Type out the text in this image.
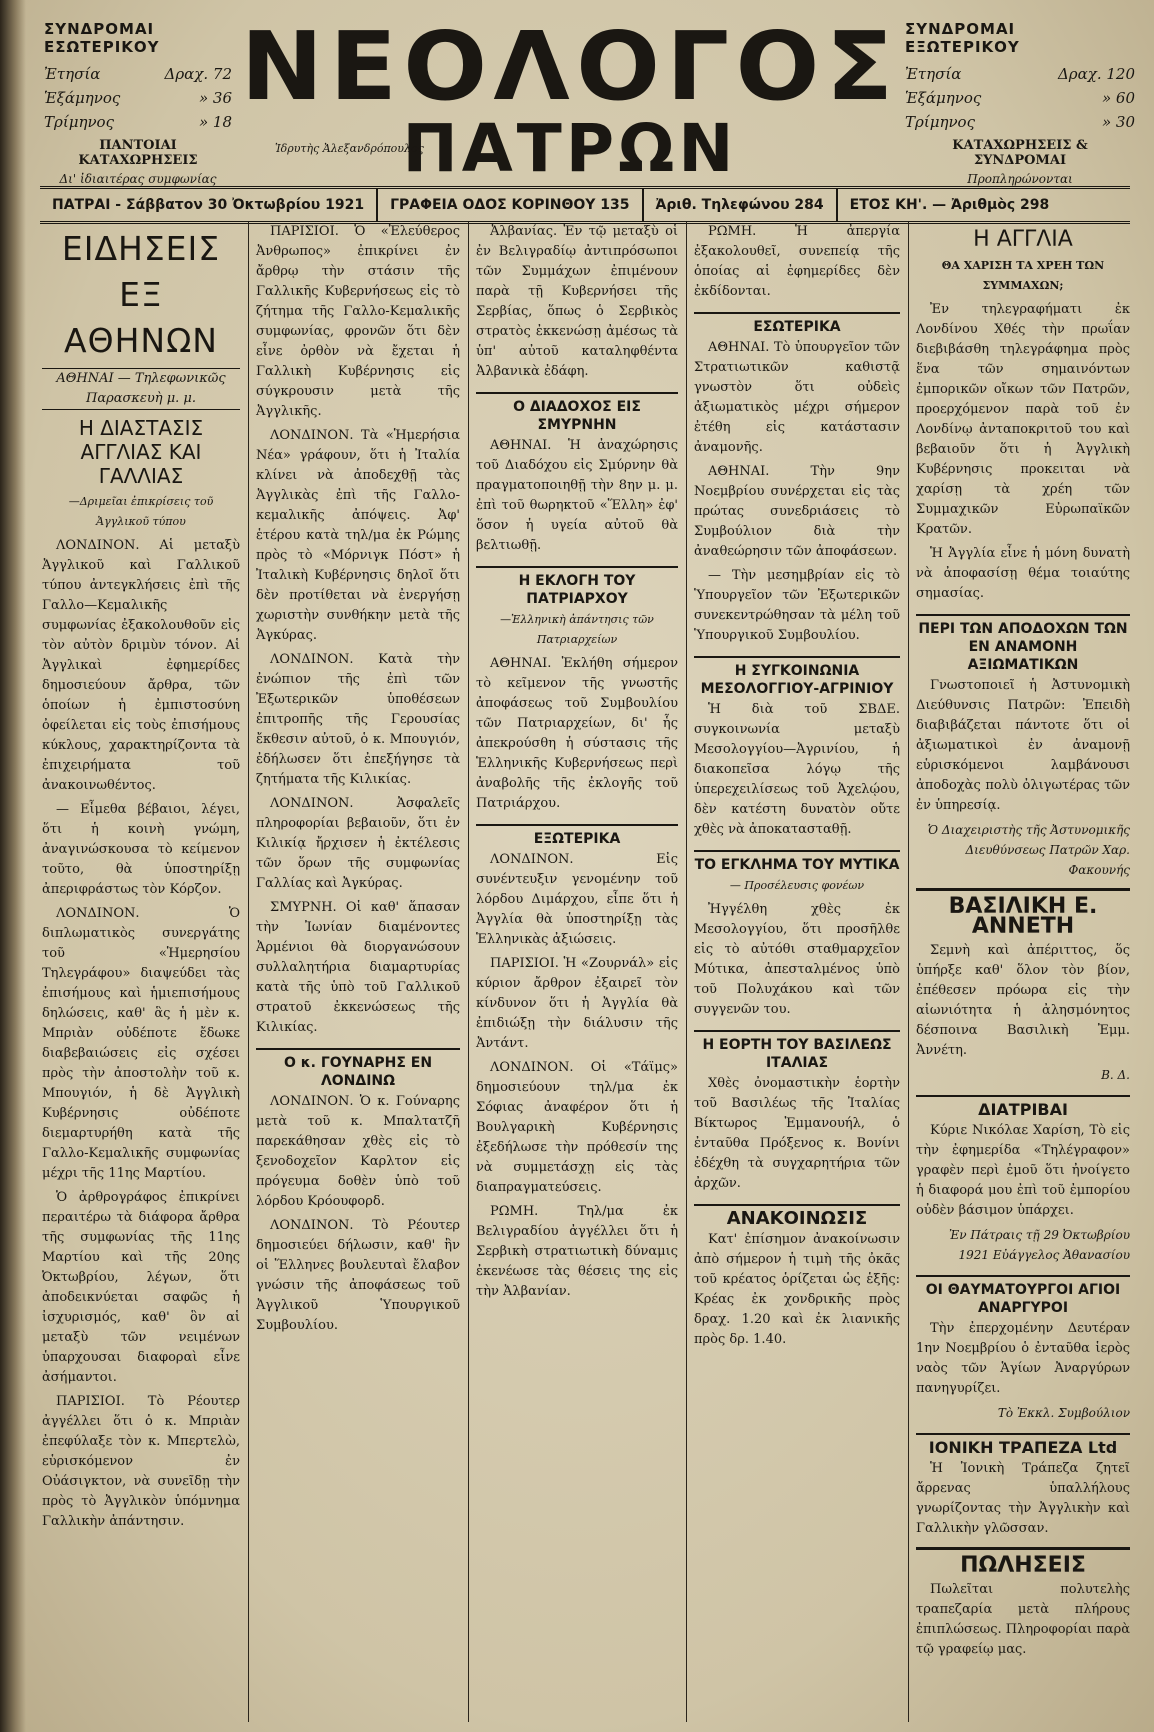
ΣΥΝΔΡΟΜΑΙ ΕΣΩΤΕΡΙΚΟΥ
Ἐτησία	Δραχ. 72
Ἑξάμηνος	» 36
Τρίμηνος	» 18
ΠΑΝΤΟΙΑΙ ΚΑΤΑΧΩΡΗΣΕΙΣ
Δι' ἰδιαιτέρας συμφωνίας
ΝΕΟΛΟΓΟΣ
ΠΑΤΡΩΝ
Ἱδρυτὴς Ἀλεξανδρόπουλος
ΣΥΝΔΡΟΜΑΙ ΕΞΩΤΕΡΙΚΟΥ
Ἐτησία	Δραχ. 120
Ἑξάμηνος	» 60
Τρίμηνος	» 30
ΚΑΤΑΧΩΡΗΣΕΙΣ & ΣΥΝΔΡΟΜΑΙ
Προπληρώνονται
ΠΑΤΡΑΙ - Σάββατον 30 Ὀκτωβρίου 1921	ΓΡΑΦΕΙΑ ΟΔΟΣ ΚΟΡΙΝΘΟΥ 135	Ἀριθ. Τηλεφώνου 284	ΕΤΟΣ ΚΗ'. — Ἀριθμὸς 298
ΕΙΔΗΣΕΙΣ ΕΞ ΑΘΗΝΩΝ
ΑΘΗΝΑΙ — Τηλεφωνικῶς Παρασκευὴ μ. μ.
Η ΔΙΑΣΤΑΣΙΣ ΑΓΓΛΙΑΣ ΚΑΙ ΓΑΛΛΙΑΣ
—Δριμεῖαι ἐπικρίσεις τοῦ Ἀγγλικοῦ τύπου

ΛΟΝΔΙΝΟΝ. Αἱ μεταξὺ Ἀγγλικοῦ καὶ Γαλλικοῦ τύπου ἀντεγκλήσεις ἐπὶ τῆς Γαλλο—Κεμαλικῆς συμφωνίας ἐξακολουθοῦν εἰς τὸν αὐτὸν δριμὺν τόνον. Αἱ Ἀγγλικαὶ ἐφημερίδες δημοσιεύουν ἄρθρα, τῶν ὁποίων ἡ ἐμπιστοσύνη ὀφείλεται εἰς τοὺς ἐπισήμους κύκλους, χαρακτηρίζοντα τὰ ἐπιχειρήματα τοῦ ἀνακοινωθέντος.

— Εἶμεθα βέβαιοι, λέγει, ὅτι ἡ κοινὴ γνώμη, ἀναγινώσκουσα τὸ κείμενον τοῦτο, θὰ ὑποστηρίξῃ ἀπεριφράστως τὸν Κόρζον.

ΛΟΝΔΙΝΟΝ. Ὁ διπλωματικὸς συνεργάτης τοῦ «Ἡμερησίου Τηλεγράφου» διαψεύδει τὰς ἐπισήμους καὶ ἡμιεπισήμους δηλώσεις, καθ' ἃς ἡ μὲν κ. Μπριὰν οὐδέποτε ἔδωκε διαβεβαιώσεις εἰς σχέσει πρὸς τὴν ἀποστολὴν τοῦ κ. Μπουγιόν, ἡ δὲ Ἀγγλικὴ Κυβέρνησις οὐδέποτε διεμαρτυρήθη κατὰ τῆς Γαλλο-Κεμαλικῆς συμφωνίας μέχρι τῆς 11ης Μαρτίου.

Ὁ ἀρθρογράφος ἐπικρίνει περαιτέρω τὰ διάφορα ἄρθρα τῆς συμφωνίας τῆς 11ης Μαρτίου καὶ τῆς 20ης Ὀκτωβρίου, λέγων, ὅτι ἀποδεικνύεται σαφῶς ἡ ἰσχυρισμός, καθ' ὃν αἱ μεταξὺ τῶν νειμένων ὑπαρχουσαι διαφοραὶ εἶνε ἀσήμαντοι.

ΠΑΡΙΣΙΟΙ. Τὸ Ρέουτερ ἀγγέλλει ὅτι ὁ κ. Μπριὰν ἐπεφύλαξε τὸν κ. Μπερτελὼ, εὑρισκόμενον ἐν Οὐάσιγκτον, νὰ συνεῖδῃ τὴν πρὸς τὸ Ἀγγλικὸν ὑπόμνημα Γαλλικὴν ἀπάντησιν.

ΠΑΡΙΣΙΟΙ. Ὁ «Ἐλεύθερος Ἀνθρωπος» ἐπικρίνει ἐν ἄρθρῳ τὴν στάσιν τῆς Γαλλικῆς Κυβερνήσεως εἰς τὸ ζήτημα τῆς Γαλλο-Κεμαλικῆς συμφωνίας, φρονῶν ὅτι δὲν εἶνε ὀρθὸν νὰ ἔχεται ἡ Γαλλικὴ Κυβέρνησις εἰς σύγκρουσιν μετὰ τῆς Ἀγγλικῆς.

ΛΟΝΔΙΝΟΝ. Τὰ «Ἡμερήσια Νέα» γράφουν, ὅτι ἡ Ἰταλία κλίνει νὰ ἀποδεχθῇ τὰς Ἀγγλικὰς ἐπὶ τῆς Γαλλο-κεμαλικῆς ἀπόψεις. Ἀφ' ἑτέρου κατὰ τηλ/μα ἐκ Ρώμης πρὸς τὸ «Μόρνιγκ Πόστ» ἡ Ἰταλικὴ Κυβέρνησις δηλοῖ ὅτι δὲν προτίθεται νὰ ἐνεργήσῃ χωριστὴν συνθήκην μετὰ τῆς Ἀγκύρας.

ΛΟΝΔΙΝΟΝ. Κατὰ τὴν ἐνώπιον τῆς ἐπὶ τῶν Ἐξωτερικῶν ὑποθέσεων ἐπιτροπῆς τῆς Γερουσίας ἔκθεσιν αὐτοῦ, ὁ κ. Μπουγιόν, ἐδήλωσεν ὅτι ἐπεξήγησε τὰ ζητήματα τῆς Κιλικίας.

ΛΟΝΔΙΝΟΝ. Ἀσφαλεῖς πληροφορίαι βεβαιοῦν, ὅτι ἐν Κιλικίᾳ ἤρχισεν ἡ ἐκτέλεσις τῶν ὅρων τῆς συμφωνίας Γαλλίας καὶ Ἀγκύρας.

ΣΜΥΡΝΗ. Οἱ καθ' ἅπασαν τὴν Ἰωνίαν διαμένοντες Ἀρμένιοι θὰ διοργανώσουν συλλαλητήρια διαμαρτυρίας κατὰ τῆς ὑπὸ τοῦ Γαλλικοῦ στρατοῦ ἐκκενώσεως τῆς Κιλικίας.

Ο κ. ΓΟΥΝΑΡΗΣ ΕΝ ΛΟΝΔΙΝΩ

ΛΟΝΔΙΝΟΝ. Ὁ κ. Γούναρης μετὰ τοῦ κ. Μπαλτατζῆ παρεκάθησαν χθὲς εἰς τὸ ξενοδοχεῖον Καρλτον εἰς πρόγευμα δοθὲν ὑπὸ τοῦ λόρδου Κρόουφορδ.

ΛΟΝΔΙΝΟΝ. Τὸ Ρέουτερ δημοσιεύει δήλωσιν, καθ' ἣν οἱ Ἕλληνες βουλευταὶ ἔλαβον γνώσιν τῆς ἀποφάσεως τοῦ Ἀγγλικοῦ Ὑπουργικοῦ Συμβουλίου.

Ἀλβανίας. Ἐν τῷ μεταξὺ οἱ ἐν Βελιγραδίῳ ἀντιπρόσωποι τῶν Συμμάχων ἐπιμένουν παρὰ τῇ Κυβερνήσει τῆς Σερβίας, ὅπως ὁ Σερβικὸς στρατὸς ἐκκενώσῃ ἀμέσως τὰ ὑπ' αὐτοῦ καταληφθέντα Ἀλβανικὰ ἐδάφη.

Ο ΔΙΑΔΟΧΟΣ ΕΙΣ ΣΜΥΡΝΗΝ

ΑΘΗΝΑΙ. Ἡ ἀναχώρησις τοῦ Διαδόχου εἰς Σμύρνην θὰ πραγματοποιηθῇ τὴν 8ην μ. μ. ἐπὶ τοῦ θωρηκτοῦ «Ἕλλη» ἐφ' ὅσον ἡ υγεία αὐτοῦ θὰ βελτιωθῇ.

Η ΕΚΛΟΓΗ ΤΟΥ ΠΑΤΡΙΑΡΧΟΥ
—Ἑλληνικὴ ἀπάντησις τῶν Πατριαρχείων

ΑΘΗΝΑΙ. Ἐκλήθη σήμερον τὸ κεῖμενον τῆς γνωστῆς ἀποφάσεως τοῦ Συμβουλίου τῶν Πατριαρχείων, δι' ἧς ἀπεκρούσθη ἡ σύστασις τῆς Ἑλληνικῆς Κυβερνήσεως περὶ ἀναβολῆς τῆς ἐκλογῆς τοῦ Πατριάρχου.

ΕΞΩΤΕΡΙΚΑ

ΛΟΝΔΙΝΟΝ. Εἰς συνέντευξιν γενομένην τοῦ λόρδου Διμάρχου, εἶπε ὅτι ἡ Ἀγγλία θὰ ὑποστηρίξῃ τὰς Ἑλληνικὰς ἀξιώσεις.

ΠΑΡΙΣΙΟΙ. Ἡ «Ζουρνάλ» εἰς κύριον ἄρθρον ἐξαιρεῖ τὸν κίνδυνον ὅτι ἡ Ἀγγλία θὰ ἐπιδιώξῃ τὴν διάλυσιν τῆς Ἀντάντ.

ΛΟΝΔΙΝΟΝ. Οἱ «Τάϊμς» δημοσιεύουν τηλ/μα ἐκ Σόφιας ἀναφέρον ὅτι ἡ Βουλγαρικὴ Κυβέρνησις ἐξεδήλωσε τὴν πρόθεσίν της νὰ συμμετάσχῃ εἰς τὰς διαπραγματεύσεις.

ΡΩΜΗ. Τηλ/μα ἐκ Βελιγραδίου ἀγγέλλει ὅτι ἡ Σερβικὴ στρατιωτικὴ δύναμις ἐκενέωσε τὰς θέσεις της εἰς τὴν Ἀλβανίαν.

ΡΩΜΗ. Ἡ ἀπεργία ἐξακολουθεῖ, συνεπείᾳ τῆς ὁποίας αἱ ἐφημερίδες δὲν ἐκδίδονται.

ΕΣΩΤΕΡΙΚΑ

ΑΘΗΝΑΙ. Τὸ ὑπουργεῖον τῶν Στρατιωτικῶν καθιστᾷ γνωστὸν ὅτι οὐδεὶς ἀξιωματικὸς μέχρι σήμερον ἐτέθη εἰς κατάστασιν ἀναμονῆς.

ΑΘΗΝΑΙ. Τὴν 9ην Νοεμβρίου συνέρχεται εἰς τὰς πρώτας συνεδριάσεις τὸ Συμβούλιον διὰ τὴν ἀναθεώρησιν τῶν ἀποφάσεων.

— Τὴν μεσημβρίαν εἰς τὸ Ὑπουργεῖον τῶν Ἐξωτερικῶν συνεκεντρώθησαν τὰ μέλη τοῦ Ὑπουργικοῦ Συμβουλίου.

Η ΣΥΓΚΟΙΝΩΝΙΑ ΜΕΣΟΛΟΓΓΙΟΥ-ΑΓΡΙΝΙΟΥ

Ἡ διὰ τοῦ ΣΒΔΕ. συγκοινωνία μεταξὺ Μεσολογγίου—Ἀγρινίου, ἡ διακοπεῖσα λόγῳ τῆς ὑπερεχειλίσεως τοῦ Ἀχελῴου, δὲν κατέστη δυνατὸν οὔτε χθὲς νὰ ἀποκατασταθῇ.

ΤΟ ΕΓΚΛΗΜΑ ΤΟΥ ΜΥΤΙΚΑ
— Προσέλευσις φονέων

Ἠγγέλθη χθὲς ἐκ Μεσολογγίου, ὅτι προσῆλθε εἰς τὸ αὐτόθι σταθμαρχεῖον Μύτικα, ἀπεσταλμένος ὑπὸ τοῦ Πολυχάκου καὶ τῶν συγγενῶν του.

Η ΕΟΡΤΗ ΤΟΥ ΒΑΣΙΛΕΩΣ ΙΤΑΛΙΑΣ

Χθὲς ὀνομαστικὴν ἑορτὴν τοῦ Βασιλέως τῆς Ἰταλίας Βίκτωρος Ἐμμανουήλ, ὁ ἐνταῦθα Πρόξενος κ. Βονίνι ἐδέχθη τὰ συγχαρητήρια τῶν ἀρχῶν.

ΑΝΑΚΟΙΝΩΣΙΣ

Κατ' ἐπίσημον ἀνακοίνωσιν ἀπὸ σήμερον ἡ τιμὴ τῆς ὀκᾶς τοῦ κρέατος ὁρίζεται ὡς ἑξῆς: Κρέας ἐκ χονδρικῆς πρὸς δραχ. 1.20 καὶ ἐκ λιανικῆς πρὸς δρ. 1.40.

Η ΑΓΓΛΙΑ
ΘΑ ΧΑΡΙΣΗ ΤΑ ΧΡΕΗ ΤΩΝ ΣΥΜΜΑΧΩΝ;

Ἐν τηλεγραφήματι ἐκ Λονδίνου Χθές τὴν πρωΐαν διεβιβάσθη τηλεγράφημα πρὸς ἕνα τῶν σημαινόντων ἐμπορικῶν οἴκων τῶν Πατρῶν, προερχόμενον παρὰ τοῦ ἐν Λονδίνῳ ἀνταποκριτοῦ του καὶ βεβαιοῦν ὅτι ἡ Ἀγγλικὴ Κυβέρνησις προκειται νὰ χαρίσῃ τὰ χρέη τῶν Συμμαχικῶν Εὐρωπαϊκῶν Κρατῶν.

Ἡ Ἀγγλία εἶνε ἡ μόνη δυνατὴ νὰ ἀποφασίσῃ θέμα τοιαύτης σημασίας.

ΠΕΡΙ ΤΩΝ ΑΠΟΔΟΧΩΝ ΤΩΝ ΕΝ ΑΝΑΜΟΝΗ ΑΞΙΩΜΑΤΙΚΩΝ

Γνωστοποιεῖ ἡ Ἀστυνομικὴ Διεύθυνσις Πατρῶν: Ἐπειδὴ διαβιβάζεται πάντοτε ὅτι οἱ ἀξιωματικοὶ ἐν ἀναμονῇ εὑρισκόμενοι λαμβάνουσι ἀποδοχὰς πολὺ ὀλιγωτέρας τῶν ἐν ὑπηρεσίᾳ.

Ὁ Διαχειριστὴς τῆς Ἀστυνομικῆς Διευθύνσεως Πατρῶν Χαρ. Φακουνής
ΒΑΣΙΛΙΚΗ Ε. ΑΝΝΕΤΗ

Σεμνὴ καὶ ἀπέριττος, ὅς ὑπήρξε καθ' ὅλον τὸν βίον, ἐπέθεσεν πρόωρα εἰς τὴν αἰωνιότητα ἡ ἀλησμόνητος δέσποινα Βασιλικὴ Ἐμμ. Ἀννέτη.

Β. Δ.
ΔΙΑΤΡΙΒΑΙ

Κύριε Νικόλαε Χαρίση, Τὸ εἰς τὴν ἐφημερίδα «Τηλέγραφον» γραφὲν περὶ ἐμοῦ ὅτι ἠνοίγετο ἡ διαφορά μου ἐπὶ τοῦ ἐμπορίου οὐδὲν βάσιμον ὑπάρχει.

Ἐν Πάτραις τῇ 29 Ὀκτωβρίου 1921 Εὐάγγελος Ἀθανασίου
ΟΙ ΘΑΥΜΑΤΟΥΡΓΟΙ ΑΓΙΟΙ ΑΝΑΡΓΥΡΟΙ

Τὴν ἐπερχομένην Δευτέραν 1ην Νοεμβρίου ὁ ἐνταῦθα ἱερὸς ναὸς τῶν Ἁγίων Ἀναργύρων πανηγυρίζει.

Τὸ Ἐκκλ. Συμβούλιον
ΙΟΝΙΚΗ ΤΡΑΠΕΖΑ Ltd

Ἡ Ἰονικὴ Τράπεζα ζητεῖ ἄρρενας ὑπαλλήλους γνωρίζοντας τὴν Ἀγγλικὴν καὶ Γαλλικὴν γλῶσσαν.

ΠΩΛΗΣΕΙΣ

Πωλεῖται πολυτελὴς τραπεζαρία μετὰ πλήρους ἐπιπλώσεως. Πληροφορίαι παρὰ τῷ γραφείῳ μας.
